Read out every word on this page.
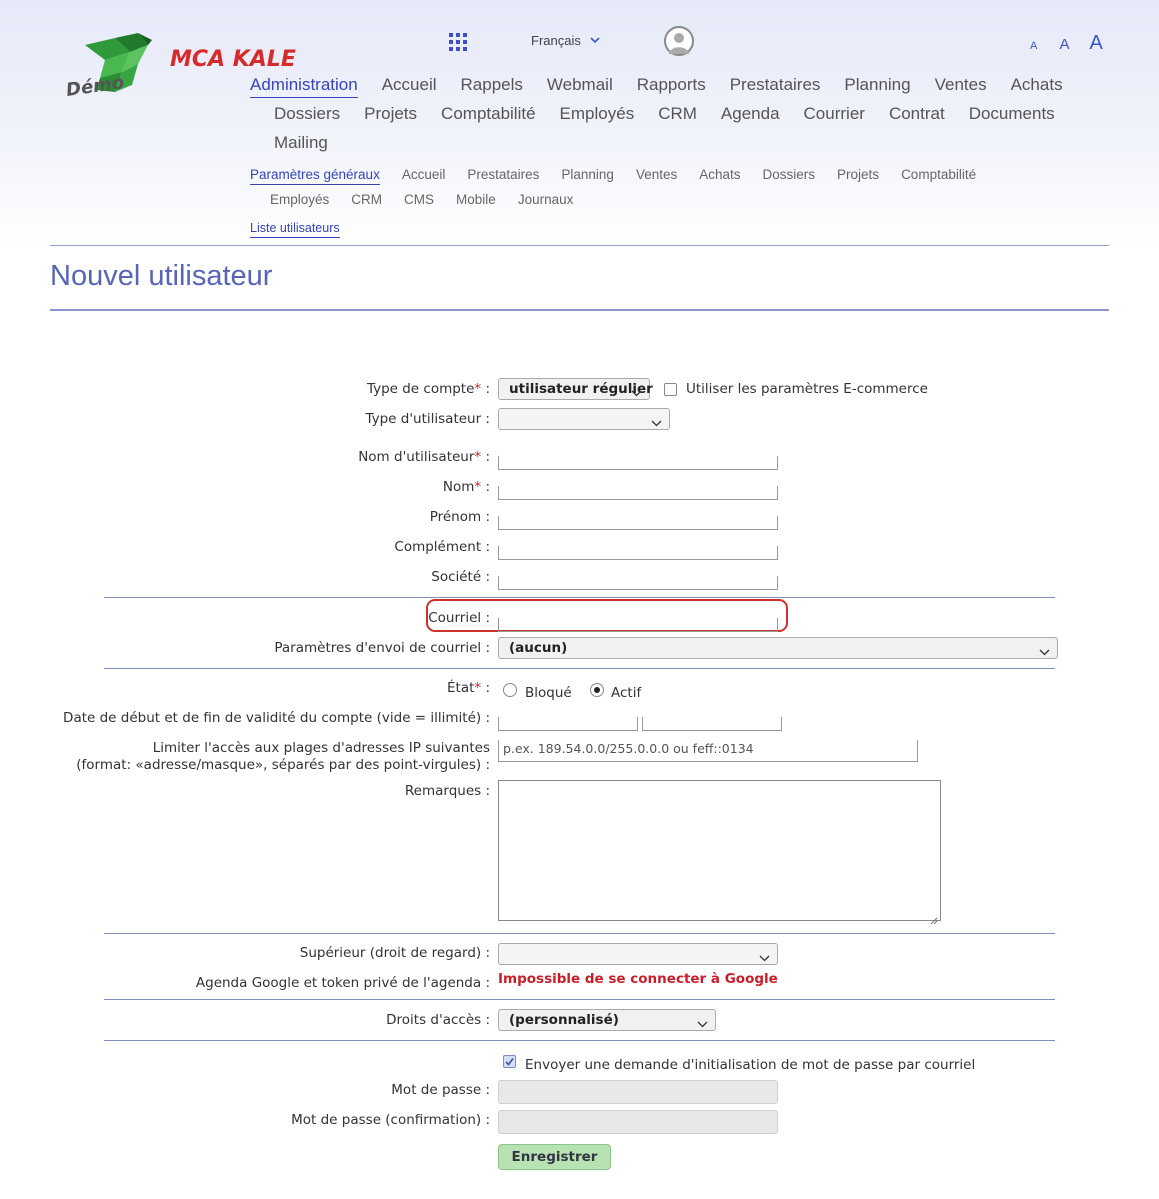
MCA KALE
Démo
Français	A A A
Administration Accueil Rappels Webmail Rapports Prestataires Planning Ventes Achats
Dossiers Projets Comptabilité Employés CRM Agenda Courrier Contrat Documents
Mailing
Paramètres généraux Accueil Prestataires Planning Ventes Achats Dossiers Projets Comptabilité
Employés CRM CMS Mobile Journaux
Liste utilisateurs
Nouvel utilisateur
Type de compte* :	utilisateur régulier Utiliser les paramètres E-commerce
Type d'utilisateur :
Nom d'utilisateur* :
Nom* :
Prénom :
Complément :
Société :
Courriel :
Paramètres d'envoi de courriel :	(aucun)
État* :	Bloqué	Actif
Date de début et de fin de validité du compte (vide = illimité) :
Limiter l'accès aux plages d'adresses IP suivantes
(format: «adresse/masque», séparés par des point-virgules) :
p.ex. 189.54.0.0/255.0.0.0 ou feff::0134
Remarques :
Supérieur (droit de regard) :
Agenda Google et token privé de l'agenda : Impossible de se connecter à Google
Droits d'accès :	(personnalisé)
Envoyer une demande d'initialisation de mot de passe par courriel
Mot de passe :
Mot de passe (confirmation) :
Enregistrer
